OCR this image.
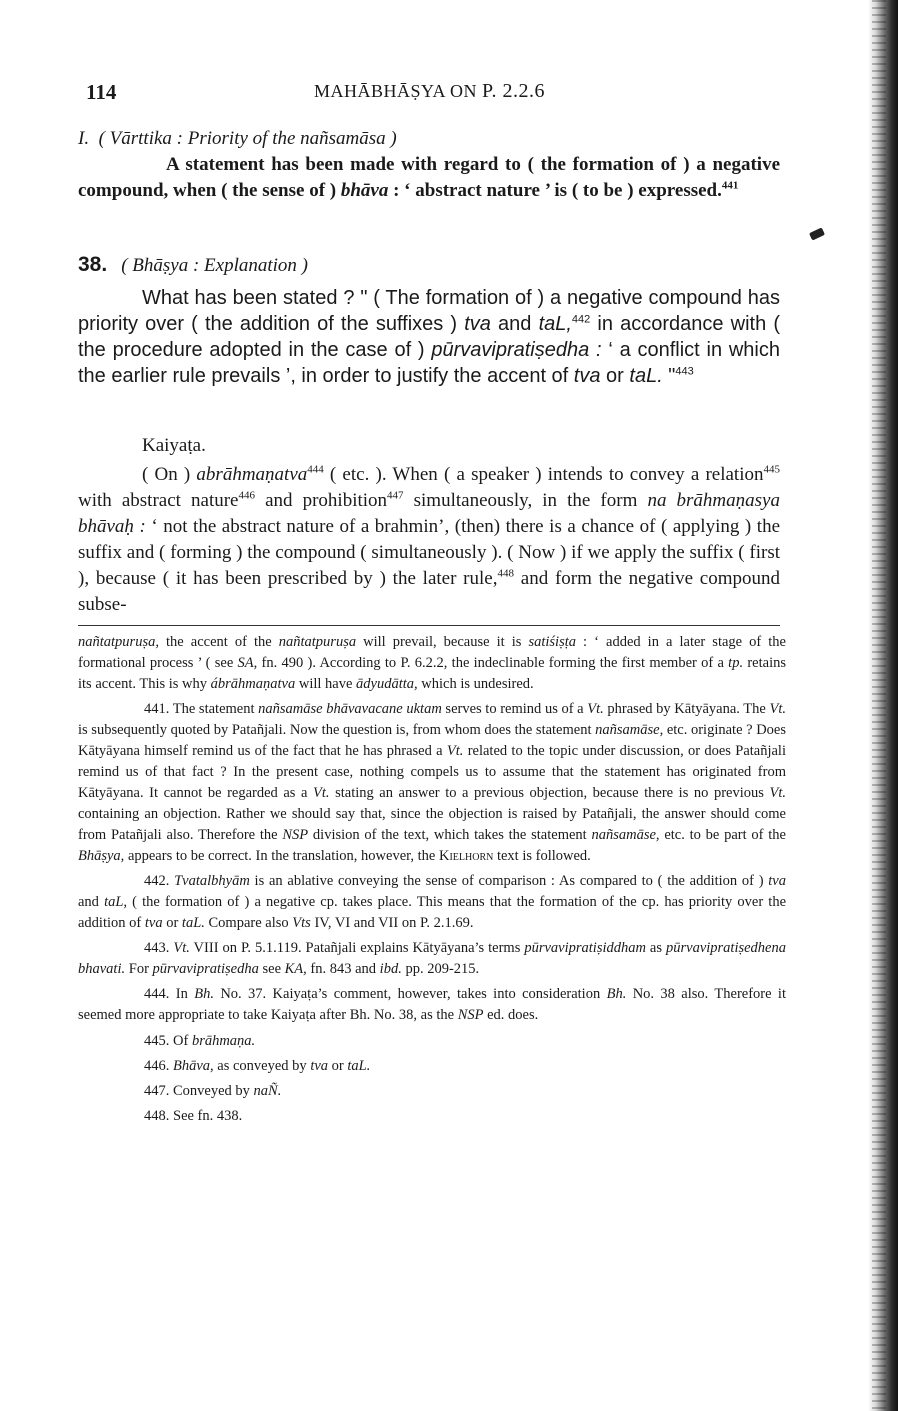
114	MAHĀBHĀṢYA ON P. 2.2.6
I. ( Vārttika : Priority of the nañsamāsa )
A statement has been made with regard to ( the formation of ) a negative compound, when ( the sense of ) bhāva : ‘ abstract nature ’ is ( to be ) expressed.$^{441}$
38. ( Bhāṣya : Explanation )
What has been stated ? " ( The formation of ) a negative compound has priority over ( the addition of the suffixes ) tva and taL,$^{442}$ in accordance with ( the procedure adopted in the case of ) pūrvavipratiṣedha : ‘ a conflict in which the earlier rule prevails ’, in order to justify the accent of tva or taL. "$^{443}$
Kaiyaṭa.
( On ) abrāhmaṇatva$^{444}$ ( etc. ). When ( a speaker ) intends to convey a relation$^{445}$ with abstract nature$^{446}$ and prohibition$^{447}$ simultaneously, in the form na brāhmaṇasya bhāvaḥ : ‘ not the abstract nature of a brahmin’, (then) there is a chance of ( applying ) the suffix and ( forming ) the compound ( simultaneously ). ( Now ) if we apply the suffix ( first ), because ( it has been prescribed by ) the later rule,$^{448}$ and form the negative compound subse-

nañtatpuruṣa, the accent of the nañtatpuruṣa will prevail, because it is satiśiṣṭa : ‘ added in a later stage of the formational process ’ ( see SA, fn. 490 ). According to P. 6.2.2, the indeclinable forming the first member of a tp. retains its accent. This is why ábrāhmaṇatva will have ādyudātta, which is undesired.

441. The statement nañsamāse bhāvavacane uktam serves to remind us of a Vt. phrased by Kātyāyana. The Vt. is subsequently quoted by Patañjali. Now the question is, from whom does the statement nañsamāse, etc. originate ? Does Kātyāyana himself remind us of the fact that he has phrased a Vt. related to the topic under discussion, or does Patañjali remind us of that fact ? In the present case, nothing compels us to assume that the statement has originated from Kātyāyana. It cannot be regarded as a Vt. stating an answer to a previous objection, because there is no previous Vt. containing an objection. Rather we should say that, since the objection is raised by Patañjali, the answer should come from Patañjali also. Therefore the NSP division of the text, which takes the statement nañsamāse, etc. to be part of the Bhāṣya, appears to be correct. In the translation, however, the Kielhorn text is followed.

442. Tvatalbhyām is an ablative conveying the sense of comparison : As compared to ( the addition of ) tva and taL, ( the formation of ) a negative cp. takes place. This means that the formation of the cp. has priority over the addition of tva or taL. Compare also Vts IV, VI and VII on P. 2.1.69.

443. Vt. VIII on P. 5.1.119. Patañjali explains Kātyāyana’s terms pūrvavipratiṣiddham as pūrvavipratiṣedhena bhavati. For pūrvavipratiṣedha see KA, fn. 843 and ibd. pp. 209-215.

444. In Bh. No. 37. Kaiyaṭa’s comment, however, takes into consideration Bh. No. 38 also. Therefore it seemed more appropriate to take Kaiyaṭa after Bh. No. 38, as the NSP ed. does.

445. Of brāhmaṇa.

446. Bhāva, as conveyed by tva or taL.

447. Conveyed by naÑ.

448. See fn. 438.
